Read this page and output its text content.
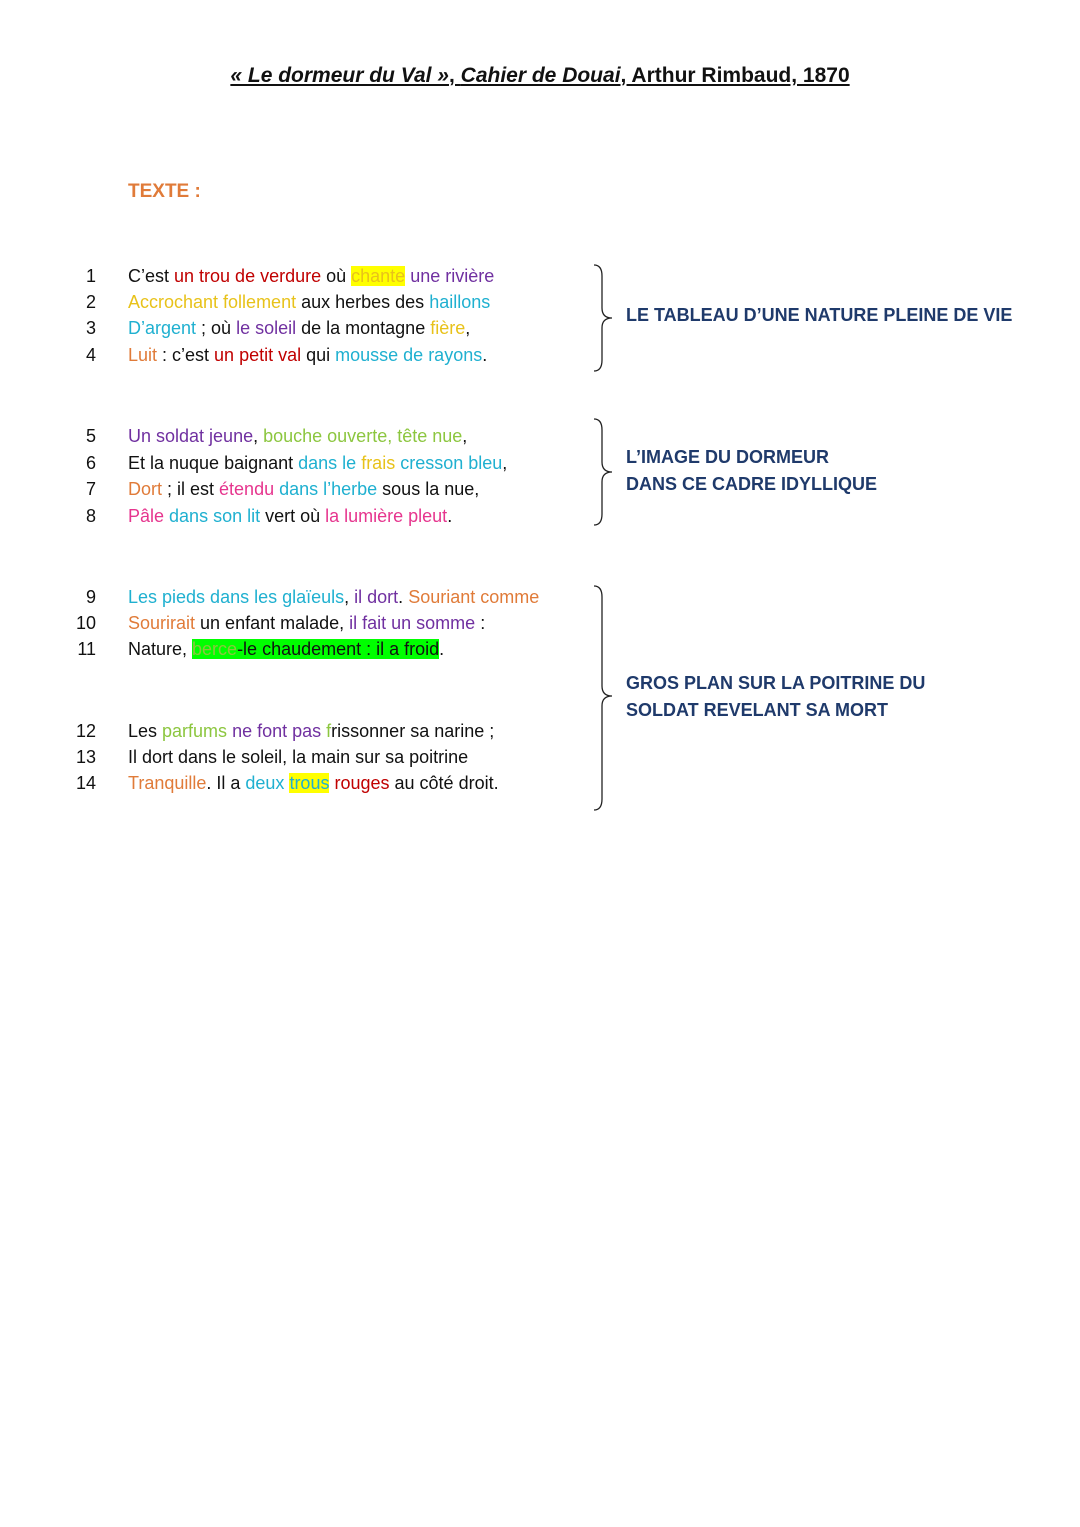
« Le dormeur du Val », Cahier de Douai, Arthur Rimbaud, 1870
TEXTE :
1 C’est un trou de verdure où chante une rivière
2 Accrochant follement aux herbes des haillons
3 D’argent ; où le soleil de la montagne fière,
4 Luit : c’est un petit val qui mousse de rayons.
5 Un soldat jeune, bouche ouverte, tête nue,
6 Et la nuque baignant dans le frais cresson bleu,
7 Dort ; il est étendu dans l’herbe sous la nue,
8 Pâle dans son lit vert où la lumière pleut.
9 Les pieds dans les glaïeuls, il dort. Souriant comme
10 Sourirait un enfant malade, il fait un somme :
11 Nature, berce-le chaudement : il a froid.
12 Les parfums ne font pas frissonner sa narine ;
13 Il dort dans le soleil, la main sur sa poitrine
14 Tranquille. Il a deux trous rouges au côté droit.
LE TABLEAU D’UNE NATURE PLEINE DE VIE
L’IMAGE DU DORMEUR
DANS CE CADRE IDYLLIQUE
GROS PLAN SUR LA POITRINE DU
SOLDAT REVELANT SA MORT
